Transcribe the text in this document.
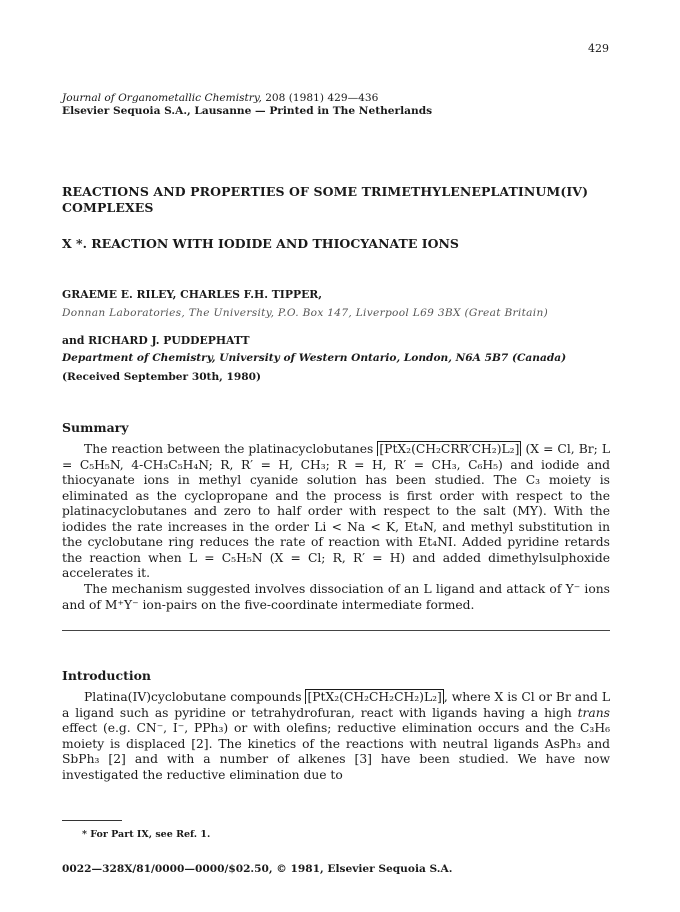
429
Journal of Organometallic Chemistry, 208 (1981) 429—436
Elsevier Sequoia S.A., Lausanne — Printed in The Netherlands
REACTIONS AND PROPERTIES OF SOME TRIMETHYLENEPLATINUM(IV) COMPLEXES
X *. REACTION WITH IODIDE AND THIOCYANATE IONS
GRAEME E. RILEY, CHARLES F.H. TIPPER,
Donnan Laboratories, The University, P.O. Box 147, Liverpool L69 3BX (Great Britain)
and RICHARD J. PUDDEPHATT
Department of Chemistry, University of Western Ontario, London, N6A 5B7 (Canada)
(Received September 30th, 1980)
Summary
The reaction between the platinacyclobutanes [PtX₂(CH₂CRR′CH₂)L₂] (X = Cl, Br; L = C₅H₅N, 4-CH₃C₅H₄N; R, R′ = H, CH₃; R = H, R′ = CH₃, C₆H₅) and iodide and thiocyanate ions in methyl cyanide solution has been studied. The C₃ moiety is eliminated as the cyclopropane and the process is first order with respect to the platinacyclobutanes and zero to half order with respect to the salt (MY). With the iodides the rate increases in the order Li < Na < K, Et₄N, and methyl substitution in the cyclobutane ring reduces the rate of reaction with Et₄NI. Added pyridine retards the reaction when L = C₅H₅N (X = Cl; R, R′ = H) and added dimethylsulphoxide accelerates it.
The mechanism suggested involves dissociation of an L ligand and attack of Y⁻ ions and of M⁺Y⁻ ion-pairs on the five-coordinate intermediate formed.
Introduction
Platina(IV)cyclobutane compounds [PtX₂(CH₂CH₂CH₂)L₂] , where X is Cl or Br and L a ligand such as pyridine or tetrahydrofuran, react with ligands having a high trans effect (e.g. CN⁻, I⁻, PPh₃) or with olefins; reductive elimination occurs and the C₃H₆ moiety is displaced [2]. The kinetics of the reactions with neutral ligands AsPh₃ and SbPh₃ [2] and with a number of alkenes [3] have been studied. We have now investigated the reductive elimination due to
* For Part IX, see Ref. 1.
0022—328X/81/0000—0000/$02.50, © 1981, Elsevier Sequoia S.A.
